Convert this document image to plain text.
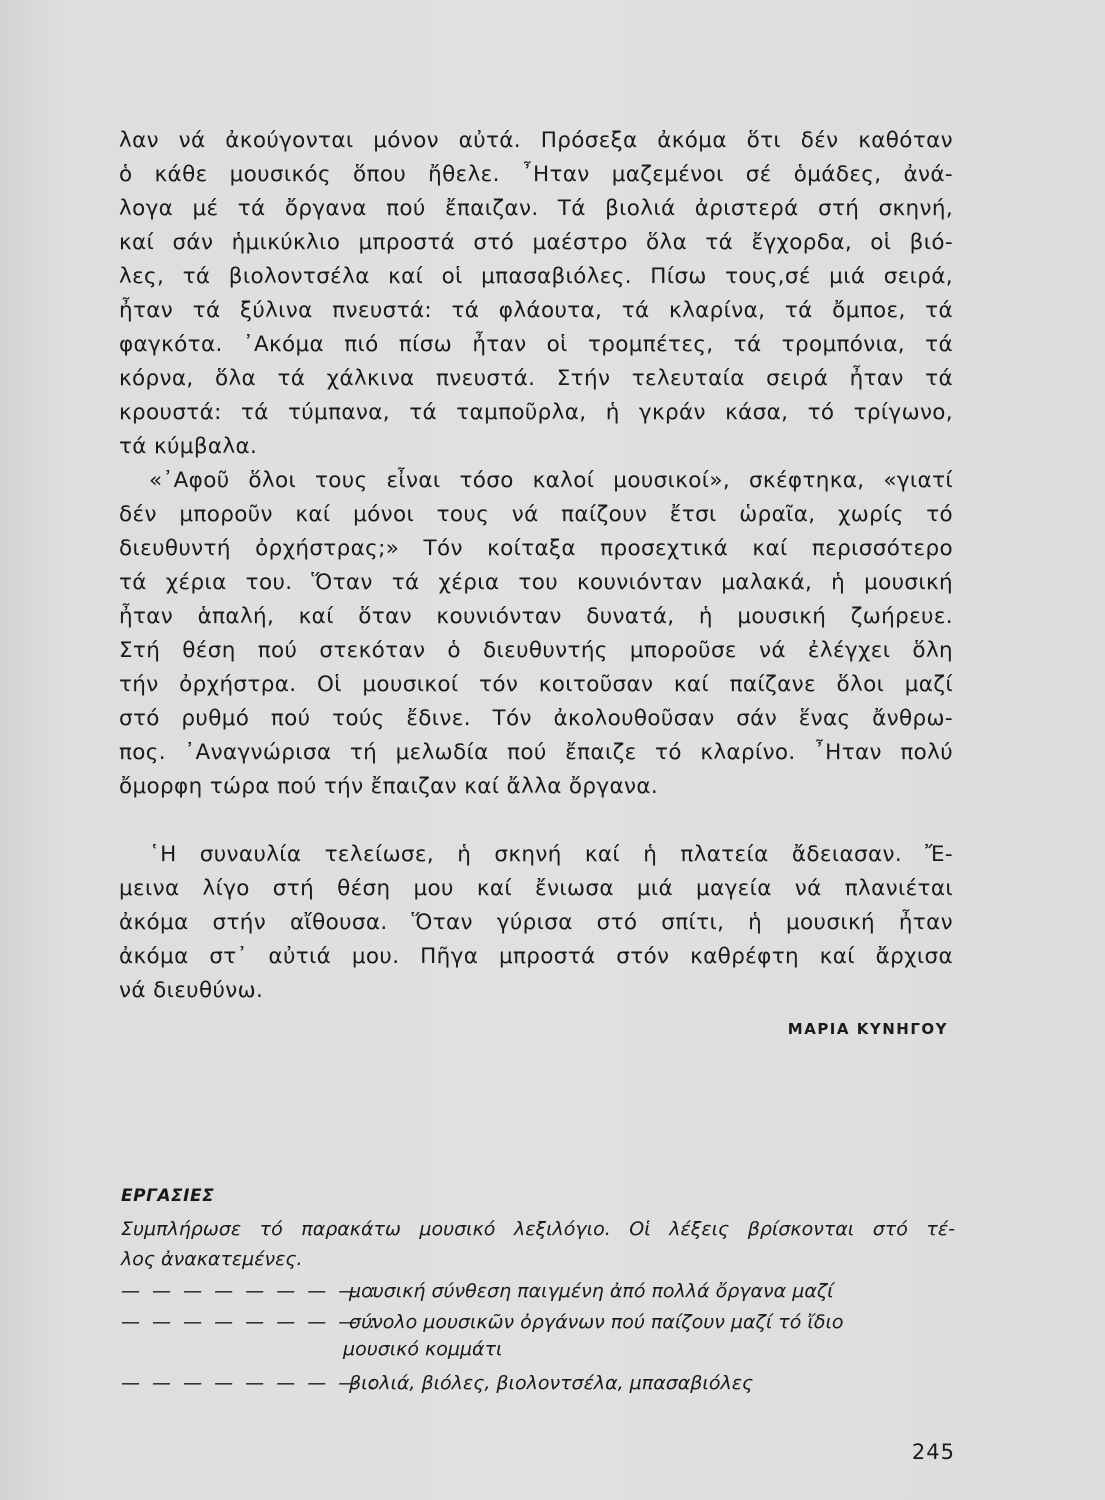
λαν νά ἀκούγονται μόνον αὐτά. Πρόσεξα ἀκόμα ὅτι δέν καθόταν
ὁ κάθε μουσικός ὅπου ἤθελε. ῏Ηταν μαζεμένοι σέ ὁμάδες, ἀνά-
λογα μέ τά ὄργανα πού ἔπαιζαν. Τά βιολιά ἀριστερά στή σκηνή,
καί σάν ἡμικύκλιο μπροστά στό μαέστρο ὅλα τά ἔγχορδα, οἱ βιό-
λες, τά βιολοντσέλα καί οἱ μπασαβιόλες. Πίσω τους,σέ μιά σειρά,
ἦταν τά ξύλινα πνευστά: τά φλάουτα, τά κλαρίνα, τά ὄμποε, τά
φαγκότα. ᾿Ακόμα πιό πίσω ἦταν οἱ τρομπέτες, τά τρομπόνια, τά
κόρνα, ὅλα τά χάλκινα πνευστά. Στήν τελευταία σειρά ἦταν τά
κρουστά: τά τύμπανα, τά ταμποῦρλα, ἡ γκράν κάσα, τό τρίγωνο,
τά κύμβαλα.
«᾿Αφοῦ ὅλοι τους εἶναι τόσο καλοί μουσικοί», σκέφτηκα, «γιατί
δέν μποροῦν καί μόνοι τους νά παίζουν ἔτσι ὡραῖα, χωρίς τό
διευθυντή ὀρχήστρας;» Τόν κοίταξα προσεχτικά καί περισσότερο
τά χέρια του. Ὅταν τά χέρια του κουνιόνταν μαλακά, ἡ μουσική
ἦταν ἁπαλή, καί ὅταν κουνιόνταν δυνατά, ἡ μουσική ζωήρευε.
Στή θέση πού στεκόταν ὁ διευθυντής μποροῦσε νά ἐλέγχει ὅλη
τήν ὀρχήστρα. Οἱ μουσικοί τόν κοιτοῦσαν καί παίζανε ὅλοι μαζί
στό ρυθμό πού τούς ἔδινε. Τόν ἀκολουθοῦσαν σάν ἕνας ἄνθρω-
πος. ᾿Αναγνώρισα τή μελωδία πού ἔπαιζε τό κλαρίνο. ῏Ηταν πολύ
ὄμορφη τώρα πού τήν ἔπαιζαν καί ἄλλα ὄργανα.
῾Η συναυλία τελείωσε, ἡ σκηνή καί ἡ πλατεία ἄδειασαν. Ἔ-
μεινα λίγο στή θέση μου καί ἔνιωσα μιά μαγεία νά πλανιέται
ἀκόμα στήν αἴθουσα. Ὅταν γύρισα στό σπίτι, ἡ μουσική ἦταν
ἀκόμα στ᾿ αὐτιά μου. Πῆγα μπροστά στόν καθρέφτη καί ἄρχισα
νά διευθύνω.
ΜΑΡΙΑ ΚΥΝΗΓΟΥ
ΕΡΓΑΣΙΕΣ
Συμπλήρωσε τό παρακάτω μουσικό λεξιλόγιο. Οἱ λέξεις βρίσκονται στό τέ-
λος ἀνακατεμένες.
— — — — — — — — : μουσική σύνθεση παιγμένη ἀπό πολλά ὄργανα μαζί
— — — — — — — — : σύνολο μουσικῶν ὀργάνων πού παίζουν μαζί τό ἴδιο
μουσικό κομμάτι
— — — — — — — — : βιολιά, βιόλες, βιολοντσέλα, μπασαβιόλες
245
